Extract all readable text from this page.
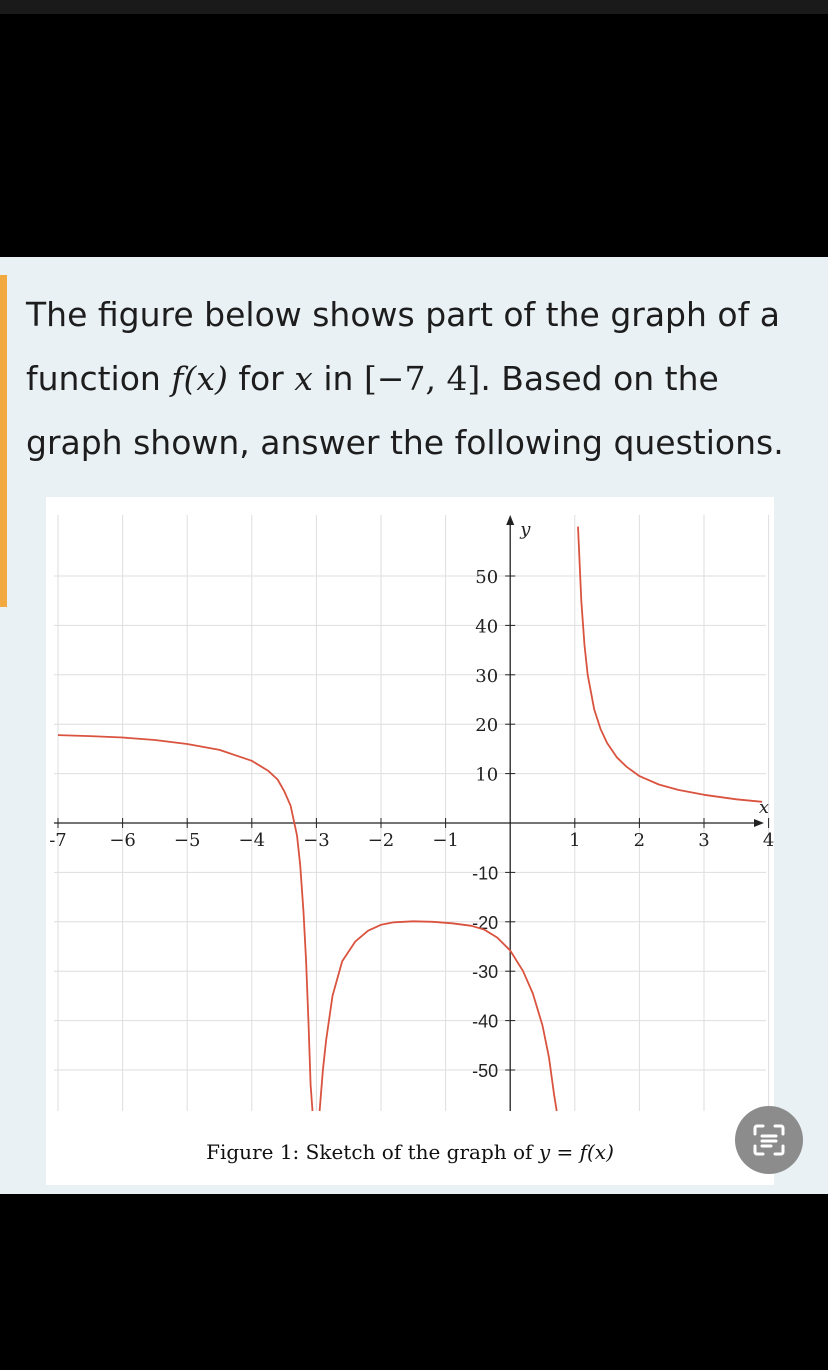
The figure below shows part of the graph of a function f(x) for x in [−7, 4]. Based on the graph shown, answer the following questions.
x
y
-7 −6 −5 −4 −3 −2 −1	1	2	3	4
50
40
30
20
10
-10
-20
-30
-40
-50
Figure 1: Sketch of the graph of y = f(x)
